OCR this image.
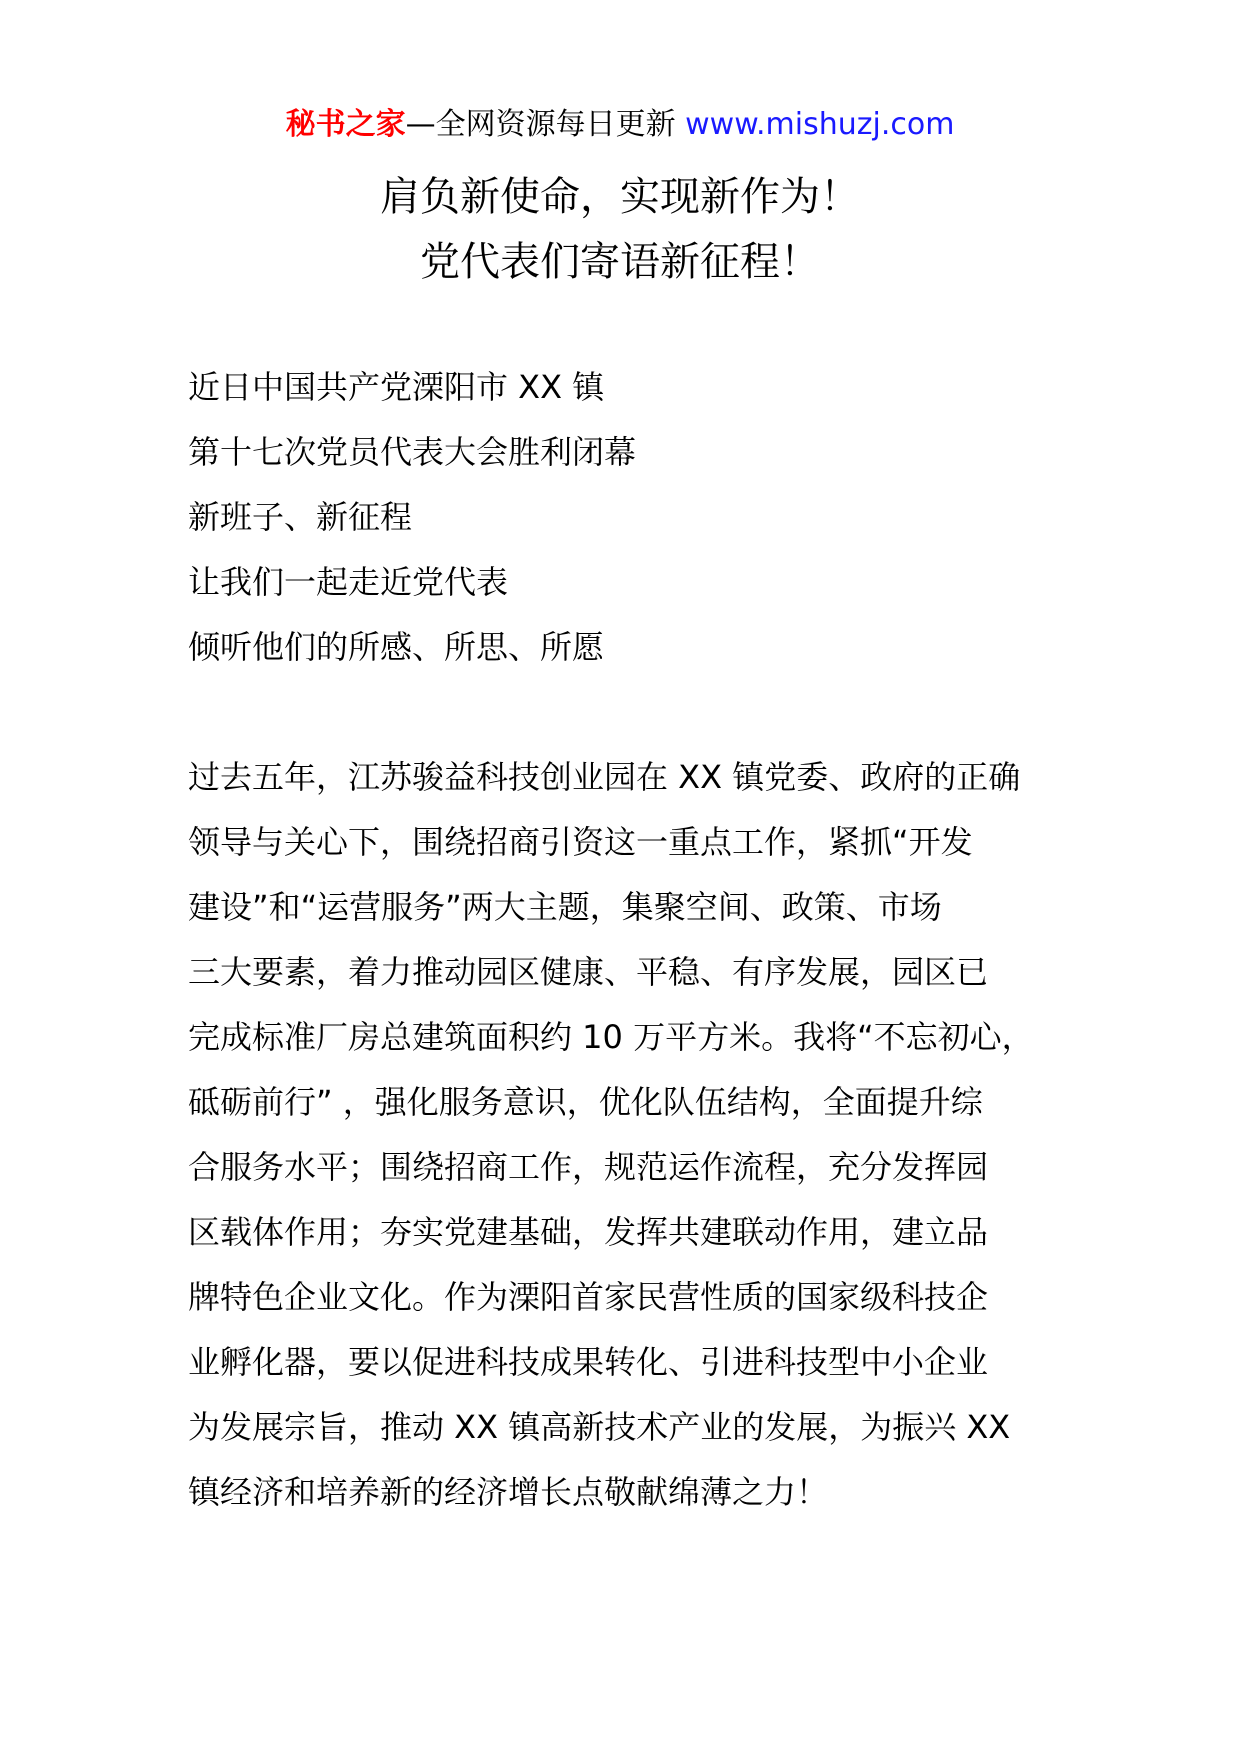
秘书之家—全网资源每日更新 www.mishuzj.com
肩负新使命，实现新作为！
党代表们寄语新征程！
近日中国共产党溧阳市 XX 镇
第十七次党员代表大会胜利闭幕
新班子、新征程
让我们一起走近党代表
倾听他们的所感、所思、所愿
过去五年，江苏骏益科技创业园在 XX 镇党委、政府的正确
领导与关心下，围绕招商引资这一重点工作，紧抓“开发
建设”和“运营服务”两大主题，集聚空间、政策、市场
三大要素，着力推动园区健康、平稳、有序发展，园区已
完成标准厂房总建筑面积约 10 万平方米。我将“不忘初心，
砥砺前行” ，强化服务意识，优化队伍结构，全面提升综
合服务水平；围绕招商工作，规范运作流程，充分发挥园
区载体作用；夯实党建基础，发挥共建联动作用，建立品
牌特色企业文化。作为溧阳首家民营性质的国家级科技企
业孵化器，要以促进科技成果转化、引进科技型中小企业
为发展宗旨，推动 XX 镇高新技术产业的发展，为振兴 XX
镇经济和培养新的经济增长点敬献绵薄之力！
